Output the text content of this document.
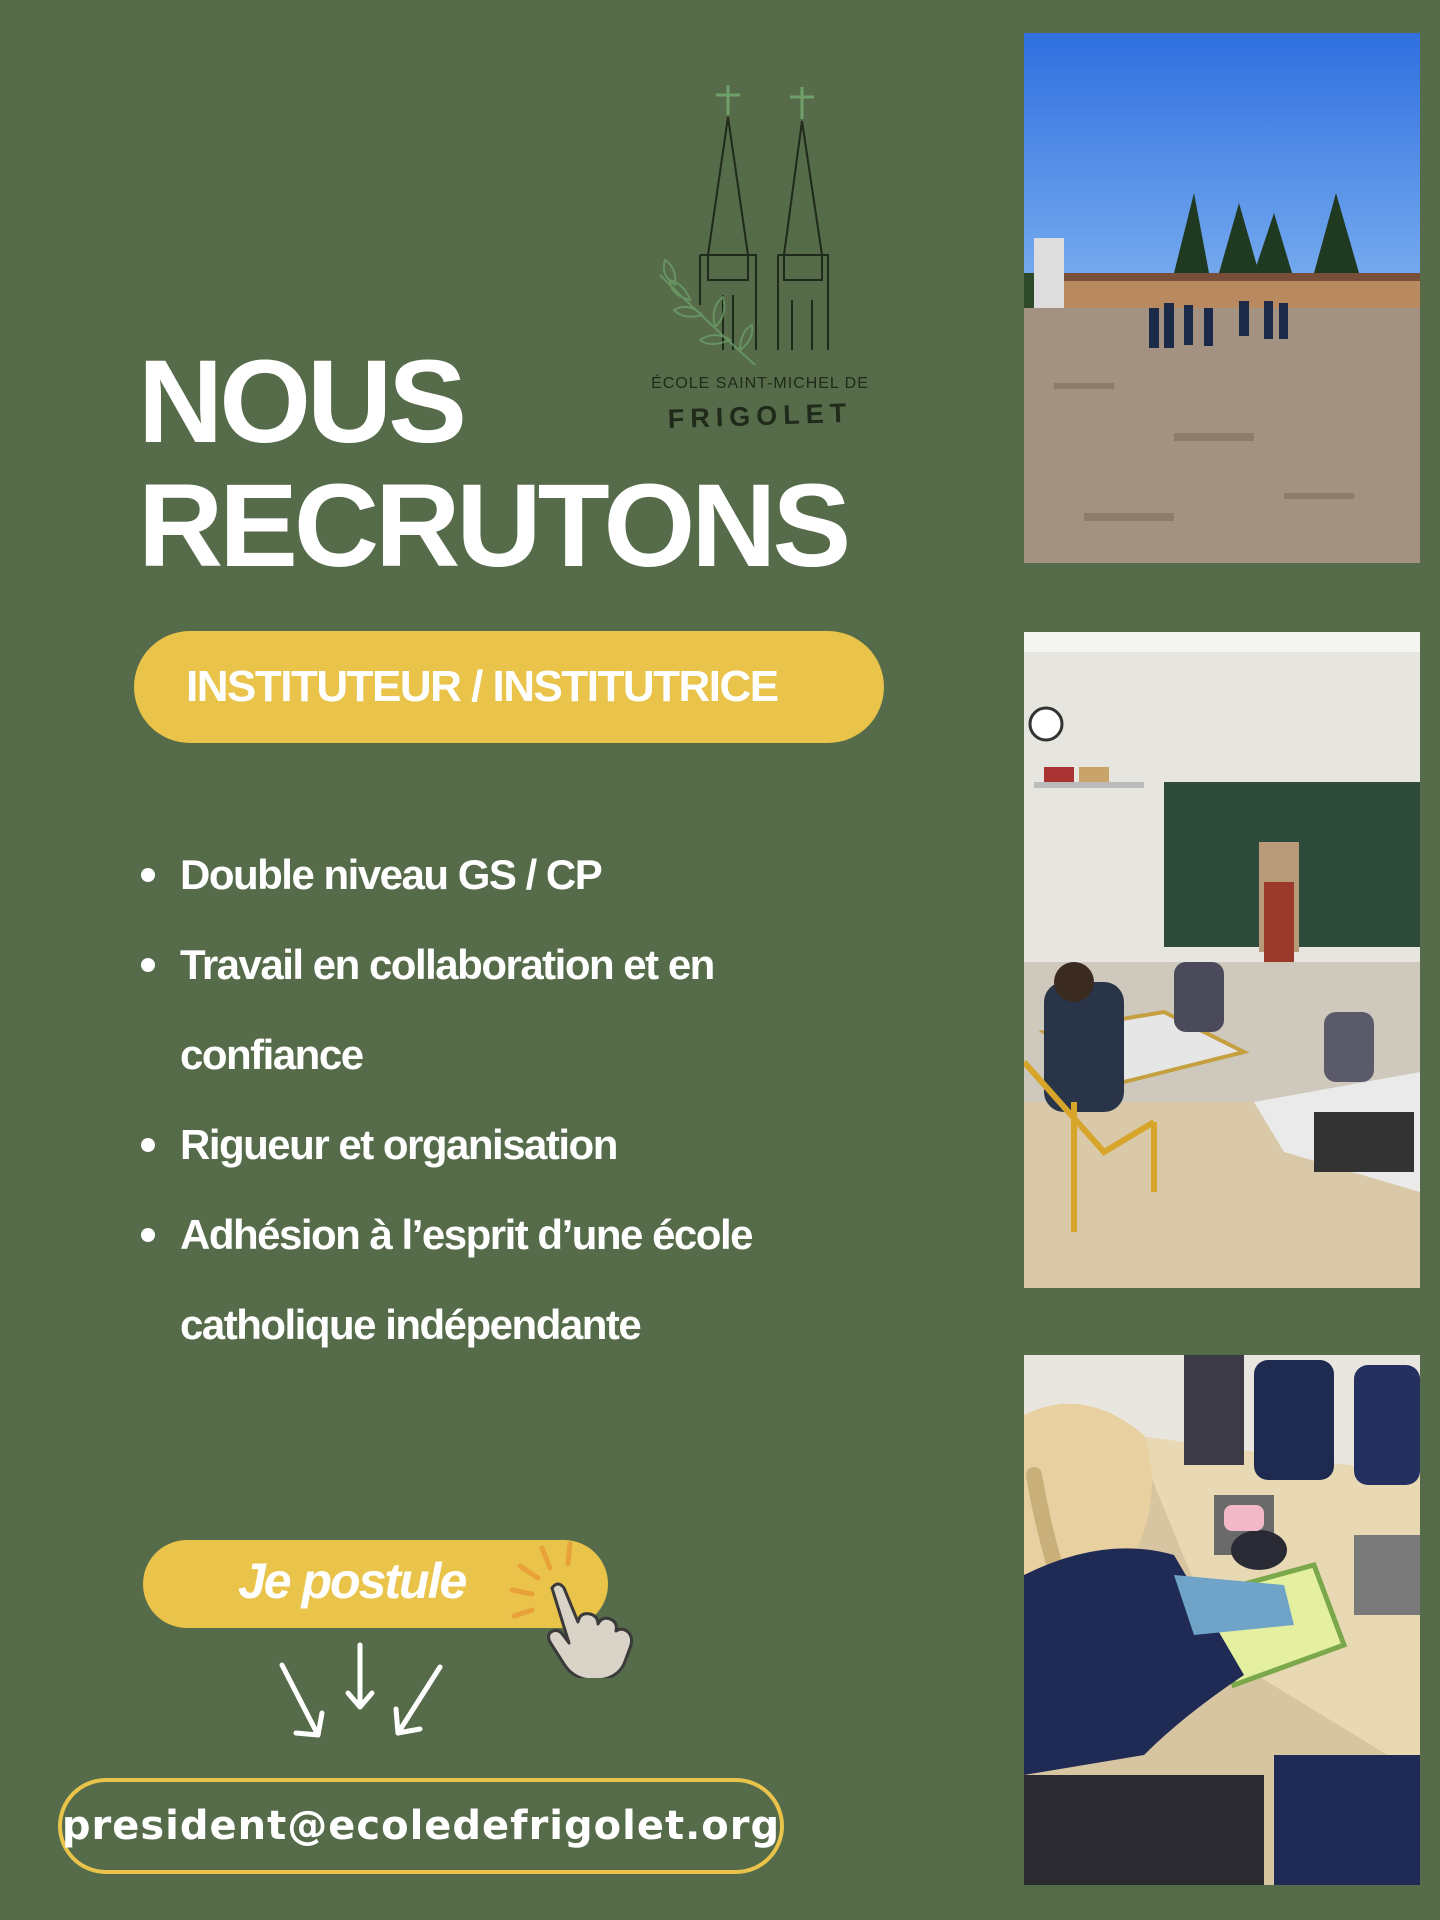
ÉCOLE SAINT-MICHEL DE
FRIGOLET
NOUS
RECRUTONS
INSTITUTEUR / INSTITUTRICE
Double niveau GS / CP
Travail en collaboration et en confiance
Rigueur et organisation
Adhésion à l’esprit d’une école catholique indépendante
Je postule
president@ecoledefrigolet.org
